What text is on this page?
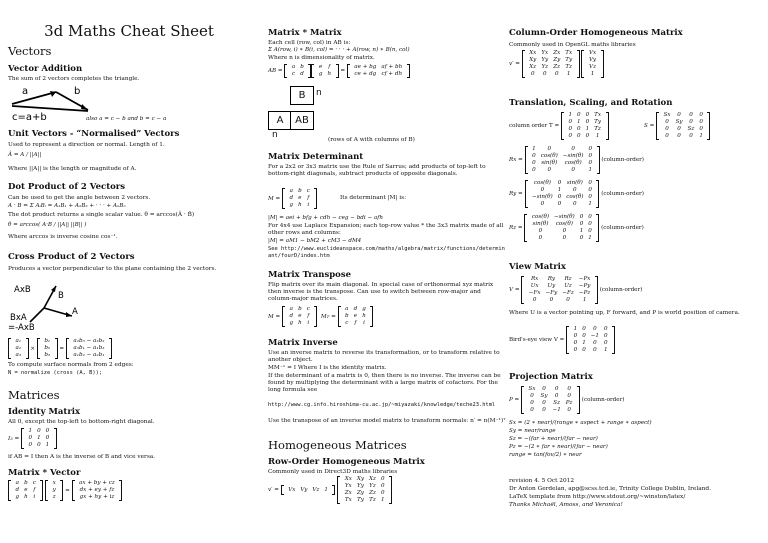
3d Maths Cheat Sheet
Vectors
Vector Addition
The sum of 2 vectors completes the triangle.
a	b
c=a+b	also a = c − b and b = c − a
Unit Vectors - “Normalised” Vectors
Used to represent a direction or normal. Length of 1.
Â = A / ||A||
Where ||A|| is the length or magnitude of A.
Dot Product of 2 Vectors
Can be used to get the angle between 2 vectors.
A · B = Σ AᵢBᵢ = A₁B₁ + A₂B₂ + · · · + AₙBₙ
The dot product returns a single scalar value. θ = arccos(Â · B̂)
θ = arccos( A·B / ||A|| ||B|| )
Where arccos is inverse cosine cos⁻¹.
Cross Product of 2 Vectors
Produces a vector perpendicular to the plane containing the 2 vectors.
AxB
B
A
BxA
=-AxB
a₁
a₂
a₃
×
b₁
b₂
b₃
=
a₂b₃ − a₃b₂
a₃b₁ − a₁b₃
a₁b₂ − a₂b₁
To compute surface normals from 2 edges:
N = normalize (cross (A, B));
Matrices
Identity Matrix
All 0, except the top-left to bottom-right diagonal.
I 3 =
1	0	0
0	1	0
0	0	1
if AB = I then A is the inverse of B and vice versa.
Matrix * Vector
a	b	c
d	e	f
g	h	i

x
y
z
=
ax + by + cz
dx + ey + fz
gx + hy + iz
Matrix * Matrix
Each cell (row, col) in AB is:
Σ A(row, i) ∗ B(i, col) = · · · + A(row, n) ∗ B(n, col)
Where n is dimensionality of matrix.
AB =
a	b
c	d
e	f
g	h =
ae + bg	af + bh
ce + dg	cf + dh
B	n
A	AB
n	(rows of A with columns of B)
Matrix Determinant
For a 2x2 or 3x3 matrix use the Rule of Sarrus; add products of top-left to bottom-right diagonals, subtract products of opposite diagonals.
M =
a	b	c
d	e	f
g	h	i
Its determinant |M| is:
|M| = aei + bfg + cdh − ceg − bdi − afh
For 4x4 use Laplace Expansion; each top-row value * the 3x3 matrix made of all other rows and columns:
|M| = aM1 − bM2 + cM3 − dM4
See http://www.euclideanspace.com/maths/algebra/matrix/functions/determinant/fourD/index.htm
Matrix Transpose
Flip matrix over its main diagonal. In special case of orthonormal xyz matrix then inverse is the transpose. Can use to switch between row-major and column-major matrices.
M =
a	b	c
d	e	f
g	h	i
M T =
a	d	g
b	e	h
c	f	i
Matrix Inverse
Use an inverse matrix to reverse its transformation, or to transform relative to another object.
MM⁻¹ = I Where I is the identity matrix.
If the determinant of a matrix is 0, then there is no inverse. The inverse can be found by multiplying the determinant with a large matrix of cofactors. For the long formula see
http://www.cg.info.hiroshima-cu.ac.jp/~miyazaki/knowledge/teche23.html
Use the transpose of an inverse model matrix to transform normals: n′ = n(M⁻¹)ᵀ
Homogeneous Matrices
Row-Order Homogeneous Matrix
Commonly used in Direct3D maths libraries
v′ = Vx	Vy	Vz	1

Xx	Xy	Xz	0
Yx	Yy	Yz	0
Zx	Zy	Zz	0
Tx	Ty	Tz	1
Column-Order Homogeneous Matrix
Commonly used in OpenGL maths libraries
v′ =
Xx	Yx	Zx	Tx
Xy	Yy	Zy	Ty
Xz	Yz	Zz	Tz
0	0	0	1

Vx
Vy
Vz
1
Translation, Scaling, and Rotation
column order T =

1	0	0	Tx
0	1	0	Ty
0	0	1	Tz
0	0	0	1
S =
Sx	0	0	0
0	Sy	0	0
0	0	Sz	0
0	0	0	1
Rx =
1	0	0	0
0	cos(θ)	−sin(θ)	0
0	sin(θ)	cos(θ)	0
0	0	0	1

(column-order)
Ry =
cos(θ)	0	sin(θ)	0
0	1	0	0
−sin(θ)	0	cos(θ)	0
0	0	0	1

(column-order)
Rz =
cos(θ)	−sin(θ)	0	0
sin(θ)	cos(θ)	0	0
0	0	1	0
0	0	0	1

(column-order)
View Matrix
V =
Rx	Ry	Rz	−Px
Ux	Uy	Uz	−Py
−Fx	−Fy	−Fz	−Pz
0	0	0	1

(column-order)
Where U is a vector pointing up, F forward, and P is world position of camera.
Bird's-eye view V =

1	0	0	0
0	0	−1	0
0	1	0	0
0	0	0	1
Projection Matrix
P =
Sx	0	0	0
0	Sy	0	0
0	0	Sz	Pz
0	0	−1	0

(column-order)
Sx = (2 ∗ near)/(range ∗ aspect + range ∗ aspect)
Sy = near/range
Sz = −(far + near)/(far − near)
Pz = −(2 ∗ far ∗ near)/(far − near)
range = tan(fov/2) ∗ near
revision 4. 5 Oct 2012
Dr Anton Gerdelan, apg@scss.tcd.ie, Trinity College Dublin, Ireland.
LaTeX template from http://www.stdout.org/~winston/latex/
Thanks Michaël, Amoss, and Veronica!
